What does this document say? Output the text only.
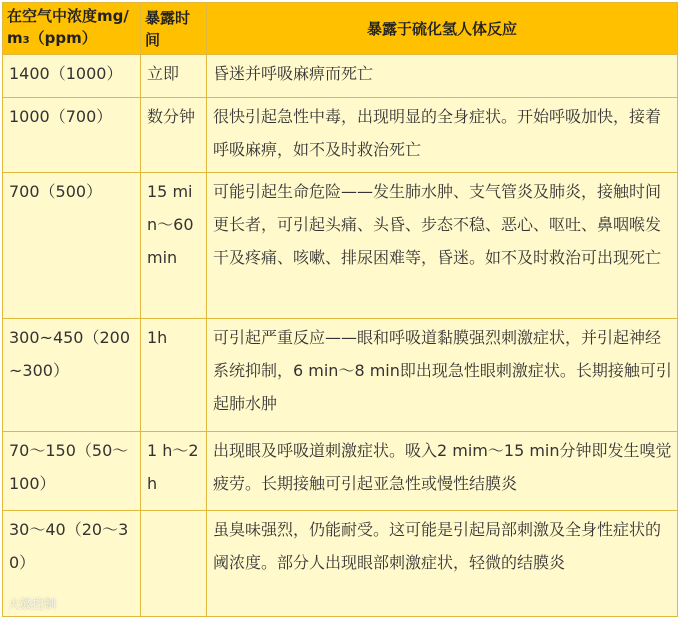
在空气中浓度mg/m3（ppm）	暴露时间	暴露于硫化氢人体反应
1400（1000）	立即	昏迷并呼吸麻痹而死亡
1000（700）	数分钟	很快引起急性中毒，出现明显的全身症状。开始呼吸加快，接着呼吸麻痹，如不及时救治死亡
700（500）	15 min～60min	可能引起生命危险——发生肺水肿、支气管炎及肺炎，接触时间更长者，可引起头痛、头昏、步态不稳、恶心、呕吐、鼻咽喉发干及疼痛、咳嗽、排尿困难等，昏迷。如不及时救治可出现死亡
300~450（200~300）	1h	可引起严重反应——眼和呼吸道黏膜强烈刺激症状，并引起神经系统抑制，6 min～8 min即出现急性眼刺激症状。长期接触可引起肺水肿
70～150（50～100）	1 h～2 h	出现眼及呼吸道刺激症状。吸入2 mim～15 min分钟即发生嗅觉疲劳。长期接触可引起亚急性或慢性结膜炎
30～40（20～30）		虽臭味强烈，仍能耐受。这可能是引起局部刺激及全身性症状的阈浓度。部分人出现眼部刺激症状，轻微的结膜炎
大鼓控制
